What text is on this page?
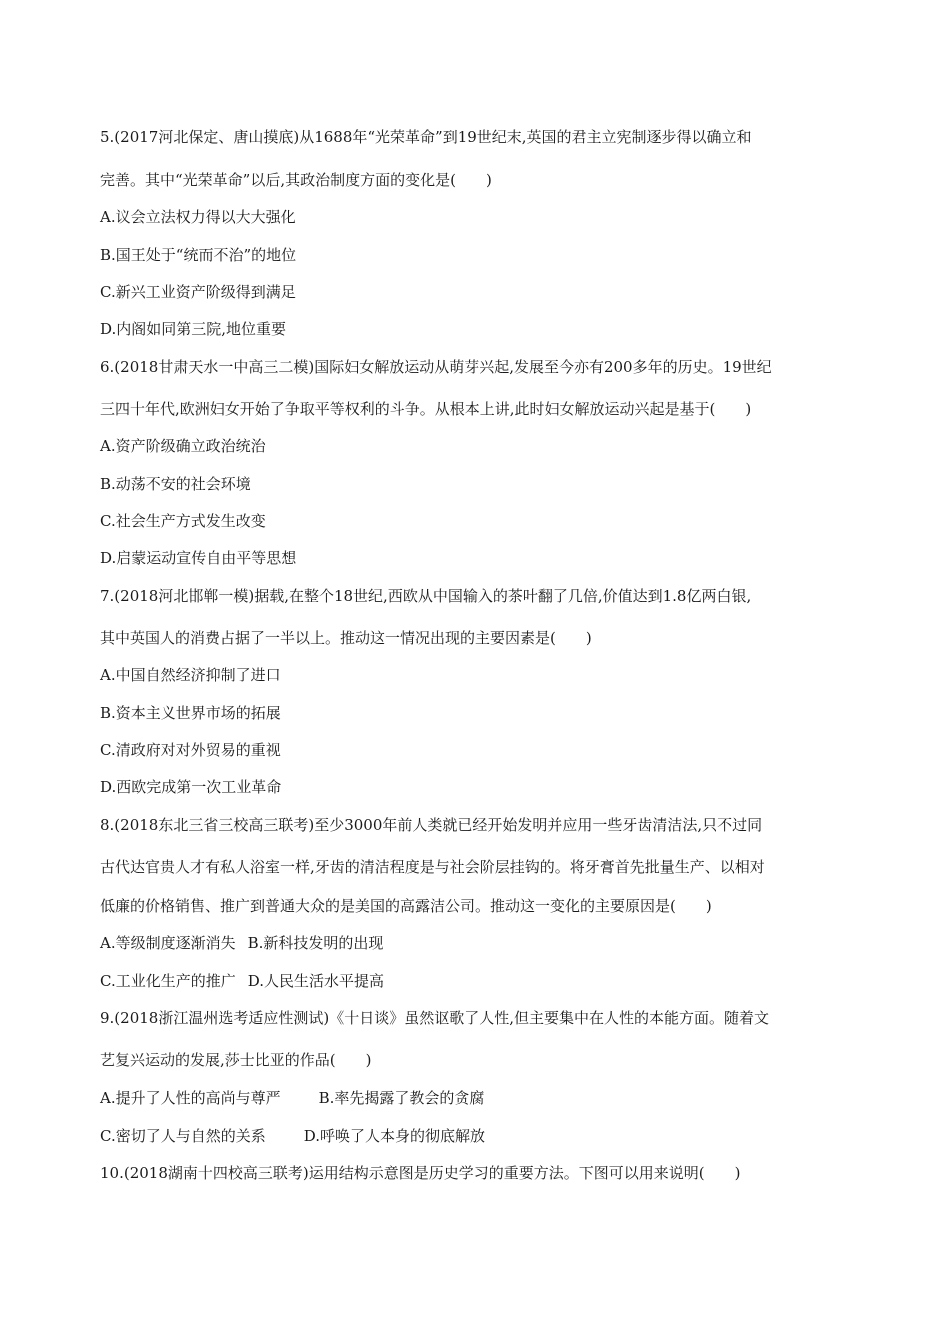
5.(2017河北保定、唐山摸底)从1688年“光荣革命”到19世纪末,英国的君主立宪制逐步得以确立和
完善。其中“光荣革命”以后,其政治制度方面的变化是(　　)
A.议会立法权力得以大大强化
B.国王处于“统而不治”的地位
C.新兴工业资产阶级得到满足
D.内阁如同第三院,地位重要
6.(2018甘肃天水一中高三二模)国际妇女解放运动从萌芽兴起,发展至今亦有200多年的历史。19世纪
三四十年代,欧洲妇女开始了争取平等权利的斗争。从根本上讲,此时妇女解放运动兴起是基于(　　)
A.资产阶级确立政治统治
B.动荡不安的社会环境
C.社会生产方式发生改变
D.启蒙运动宣传自由平等思想
7.(2018河北邯郸一模)据载,在整个18世纪,西欧从中国输入的茶叶翻了几倍,价值达到1.8亿两白银,
其中英国人的消费占据了一半以上。推动这一情况出现的主要因素是(　　)
A.中国自然经济抑制了进口
B.资本主义世界市场的拓展
C.清政府对对外贸易的重视
D.西欧完成第一次工业革命
8.(2018东北三省三校高三联考)至少3000年前人类就已经开始发明并应用一些牙齿清洁法,只不过同
古代达官贵人才有私人浴室一样,牙齿的清洁程度是与社会阶层挂钩的。将牙膏首先批量生产、以相对
低廉的价格销售、推广到普通大众的是美国的高露洁公司。推动这一变化的主要原因是(　　)
A.等级制度逐渐消失 B.新科技发明的出现
C.工业化生产的推广 D.人民生活水平提高
9.(2018浙江温州选考适应性测试)《十日谈》虽然讴歌了人性,但主要集中在人性的本能方面。随着文
艺复兴运动的发展,莎士比亚的作品(　　)
A.提升了人性的高尚与尊严	B.率先揭露了教会的贪腐
C.密切了人与自然的关系	D.呼唤了人本身的彻底解放
10.(2018湖南十四校高三联考)运用结构示意图是历史学习的重要方法。下图可以用来说明(　　)
